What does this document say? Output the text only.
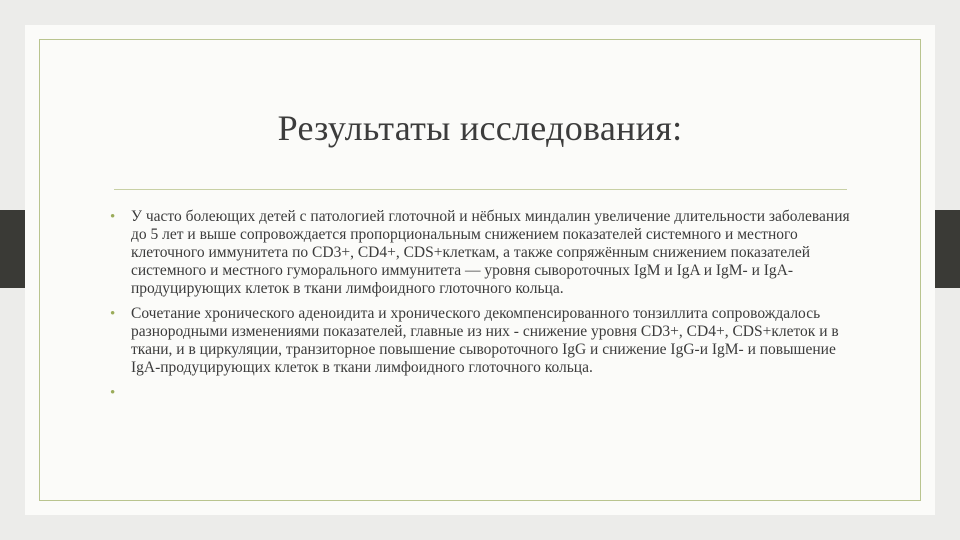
Результаты исследования:
• У часто болеющих детей с патологией глоточной и нёбных миндалин увеличение длительности заболевания до 5 лет и выше сопровождается пропорциональным снижением показателей системного и местного клеточного иммунитета по CD3+, CD4+, CDS+клеткам, а также сопряжённым снижением показателей системного и местного гуморального иммунитета — уровня сывороточных IgM и IgA и IgM- и IgA-продуцирующих клеток в ткани лимфоидного глоточного кольца.
• Сочетание хронического аденоидита и хронического декомпенсированного тонзиллита сопровождалось разнородными изменениями показателей, главные из них - снижение уровня CD3+, CD4+, CDS+клеток и в ткани, и в циркуляции, транзиторное повышение сывороточного IgG и снижение IgG-и IgM- и повышение IgA-продуцирующих клеток в ткани лимфоидного глоточного кольца.
•
